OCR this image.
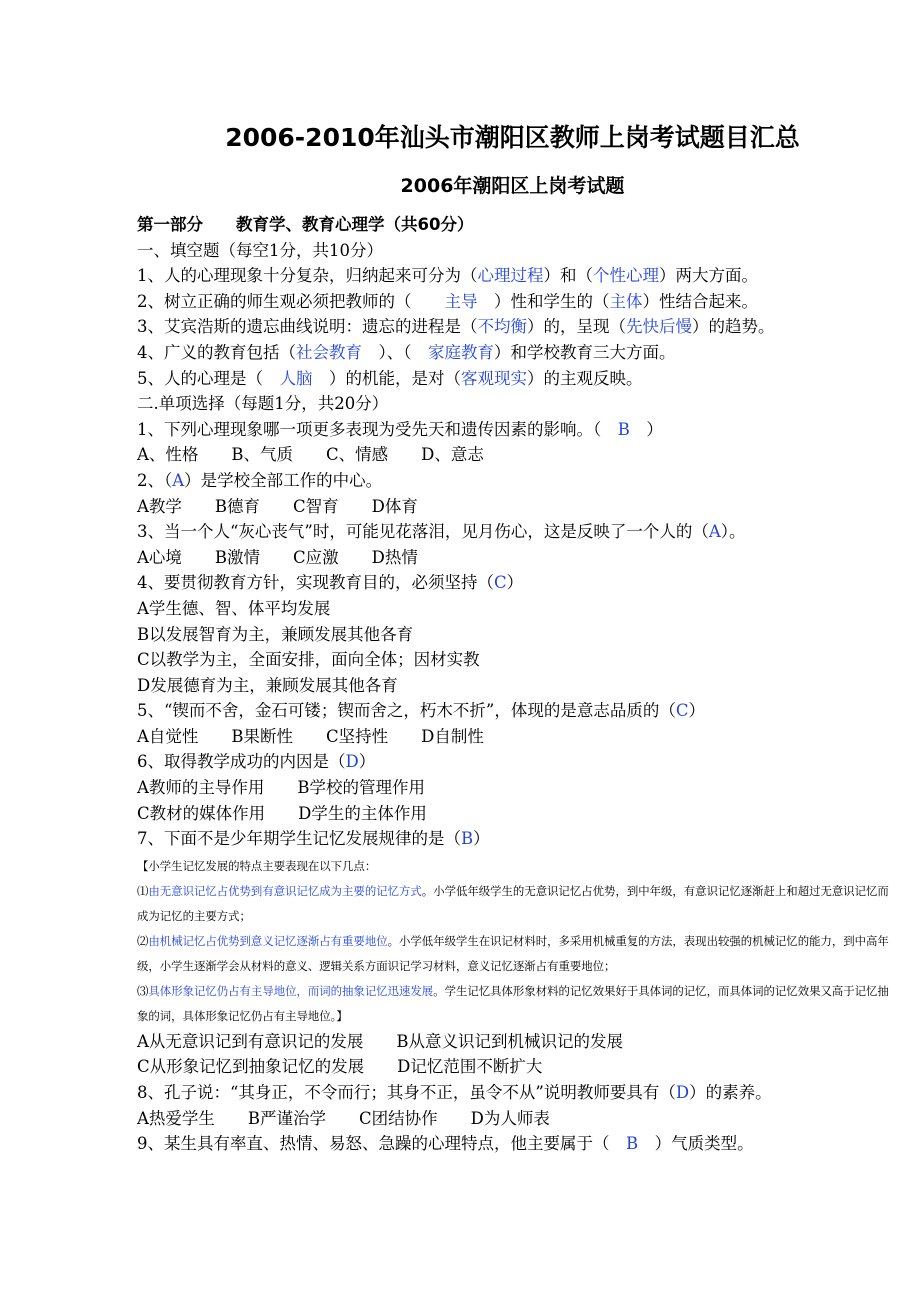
2006-2010年汕头市潮阳区教师上岗考试题目汇总
2006年潮阳区上岗考试题
第一部分　　教育学、教育心理学（共60分）
一、填空题（每空1分，共10分）
1、人的心理现象十分复杂，归纳起来可分为（心理过程）和（个性心理）两大方面。
2、树立正确的师生观必须把教师的（　　主导　）性和学生的（主体）性结合起来。
3、艾宾浩斯的遗忘曲线说明：遗忘的进程是（不均衡）的，呈现（先快后慢）的趋势。
4、广义的教育包括（社会教育　）、（　家庭教育）和学校教育三大方面。
5、人的心理是（　人脑　）的机能，是对（客观现实）的主观反映。
二.单项选择（每题1分，共20分）
1、下列心理现象哪一项更多表现为受先天和遗传因素的影响。（　B　）
A、性格　　B、气质　　C、情感　　D、意志
2、（A）是学校全部工作的中心。
A教学　　B德育　　C智育　　D体育
3、当一个人“灰心丧气”时，可能见花落泪，见月伤心，这是反映了一个人的（A）。
A心境　　B激情　　C应激　　D热情
4、要贯彻教育方针，实现教育目的，必须坚持（C）
A学生德、智、体平均发展
B以发展智育为主，兼顾发展其他各育
C以教学为主，全面安排，面向全体；因材实教
D发展德育为主，兼顾发展其他各育
5、“锲而不舍，金石可镂；锲而舍之，朽木不折”，体现的是意志品质的（C）
A自觉性　　B果断性　　C坚持性　　D自制性
6、取得教学成功的内因是（D）
A教师的主导作用　　B学校的管理作用
C教材的媒体作用　　D学生的主体作用
7、下面不是少年期学生记忆发展规律的是（B）

【小学生记忆发展的特点主要表现在以下几点：

⑴由无意识记忆占优势到有意识记忆成为主要的记忆方式。小学低年级学生的无意识记忆占优势，到中年级，有意识记忆逐渐赶上和超过无意识记忆而成为记忆的主要方式；

⑵由机械记忆占优势到意义记忆逐渐占有重要地位。小学低年级学生在识记材料时，多采用机械重复的方法，表现出较强的机械记忆的能力，到中高年级，小学生逐渐学会从材料的意义、逻辑关系方面识记学习材料，意义记忆逐渐占有重要地位；

⑶具体形象记忆仍占有主导地位，而词的抽象记忆迅速发展。学生记忆具体形象材料的记忆效果好于具体词的记忆，而具体词的记忆效果又高于记忆抽象的词，具体形象记忆仍占有主导地位。】

A从无意识记到有意识记的发展　　B从意义识记到机械识记的发展
C从形象记忆到抽象记忆的发展　　D记忆范围不断扩大
8、孔子说：“其身正，不令而行；其身不正，虽令不从”说明教师要具有（D）的素养。
A热爱学生　　B严谨治学　　C团结协作　　D为人师表
9、某生具有率直、热情、易怒、急躁的心理特点，他主要属于（　B　）气质类型。
